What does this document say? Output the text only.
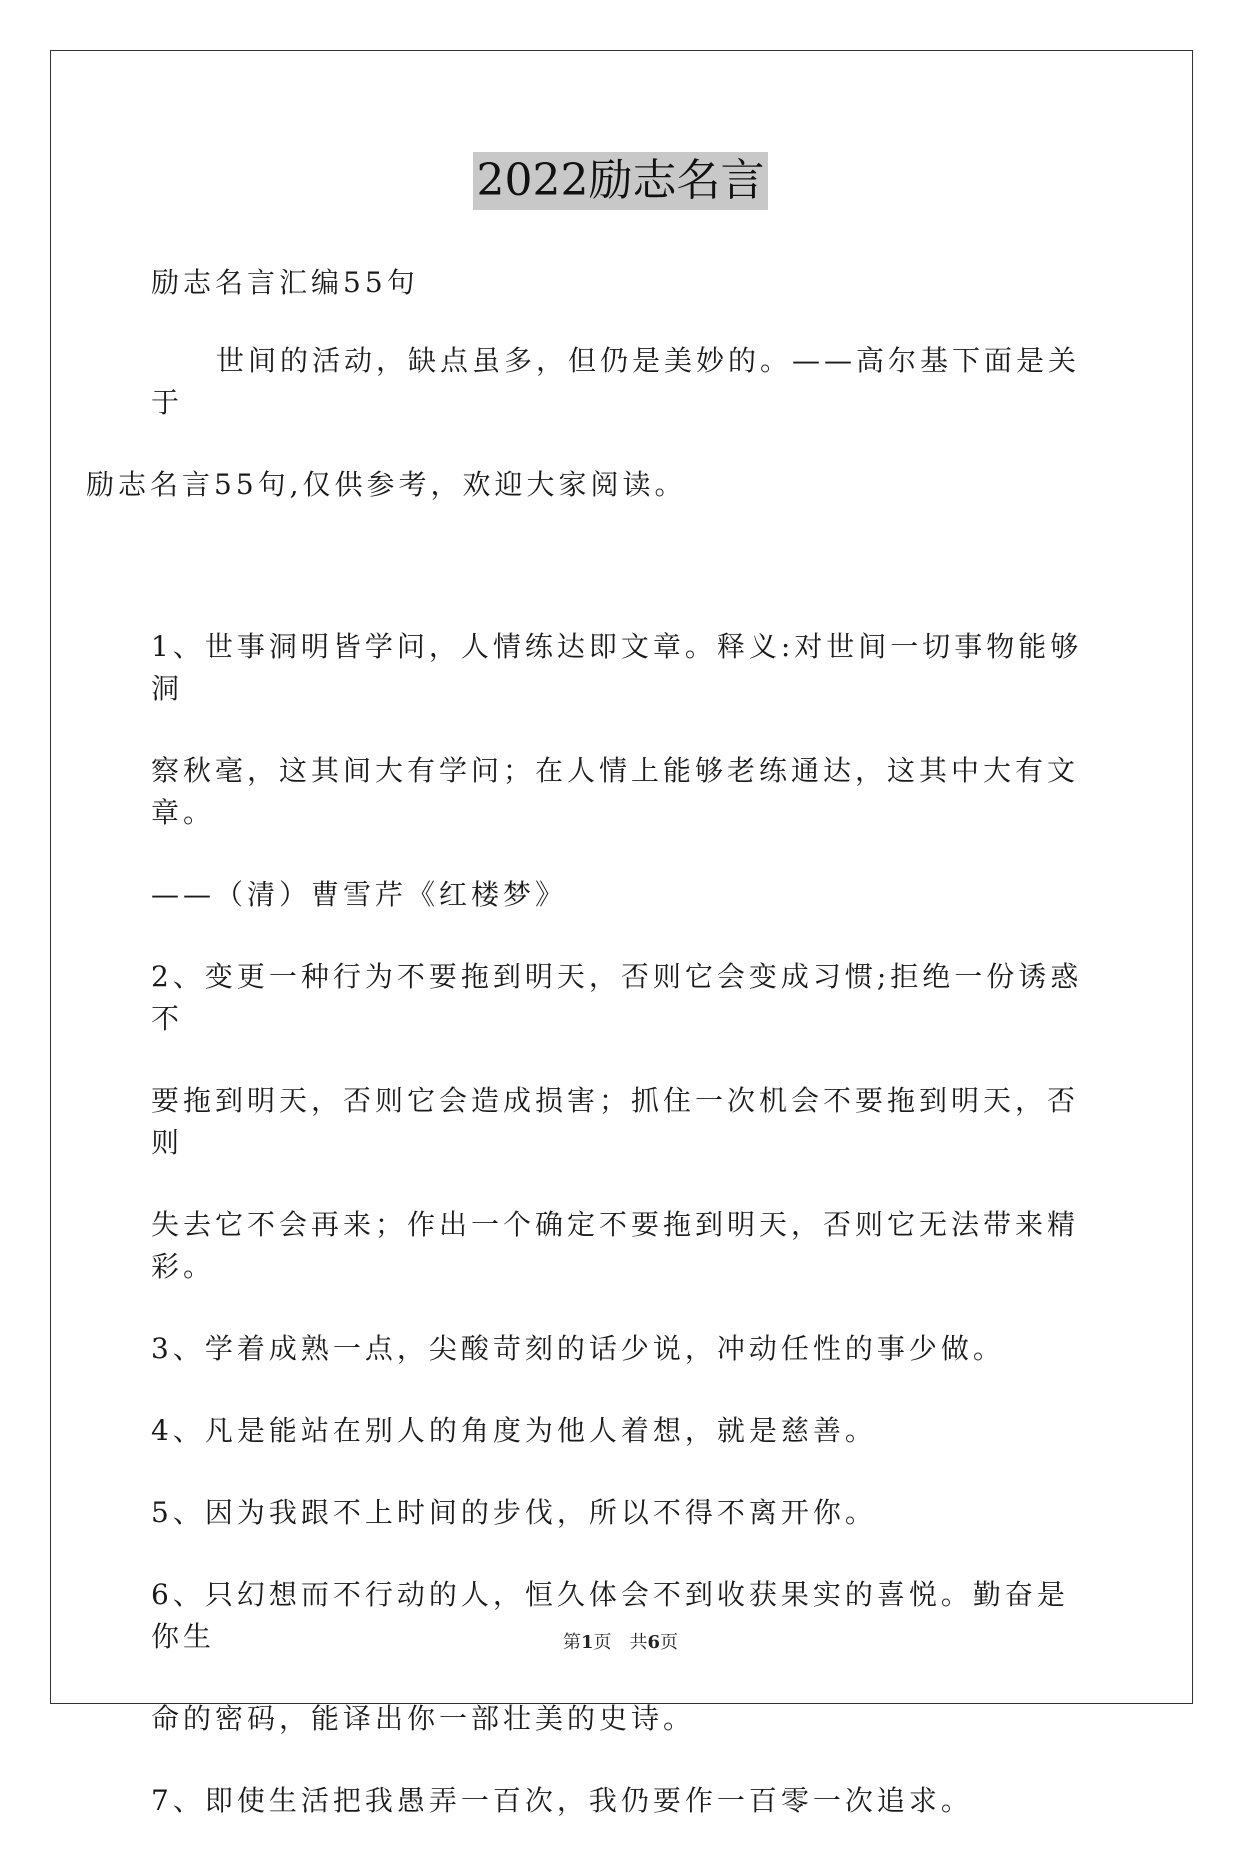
2022励志名言

励志名言汇编55句

世间的活动，缺点虽多，但仍是美妙的。——高尔基下面是关于
励志名言55句,仅供参考，欢迎大家阅读。

1、世事洞明皆学问，人情练达即文章。释义:对世间一切事物能够洞
察秋毫，这其间大有学问；在人情上能够老练通达，这其中大有文章。
——（清）曹雪芹《红楼梦》
2、变更一种行为不要拖到明天，否则它会变成习惯;拒绝一份诱惑不
要拖到明天，否则它会造成损害；抓住一次机会不要拖到明天，否则
失去它不会再来；作出一个确定不要拖到明天，否则它无法带来精彩。
3、学着成熟一点，尖酸苛刻的话少说，冲动任性的事少做。
4、凡是能站在别人的角度为他人着想，就是慈善。
5、因为我跟不上时间的步伐，所以不得不离开你。
6、只幻想而不行动的人，恒久体会不到收获果实的喜悦。勤奋是你生
命的密码，能译出你一部壮美的史诗。
7、即使生活把我愚弄一百次，我仍要作一百零一次追求。
第1页　共6页
